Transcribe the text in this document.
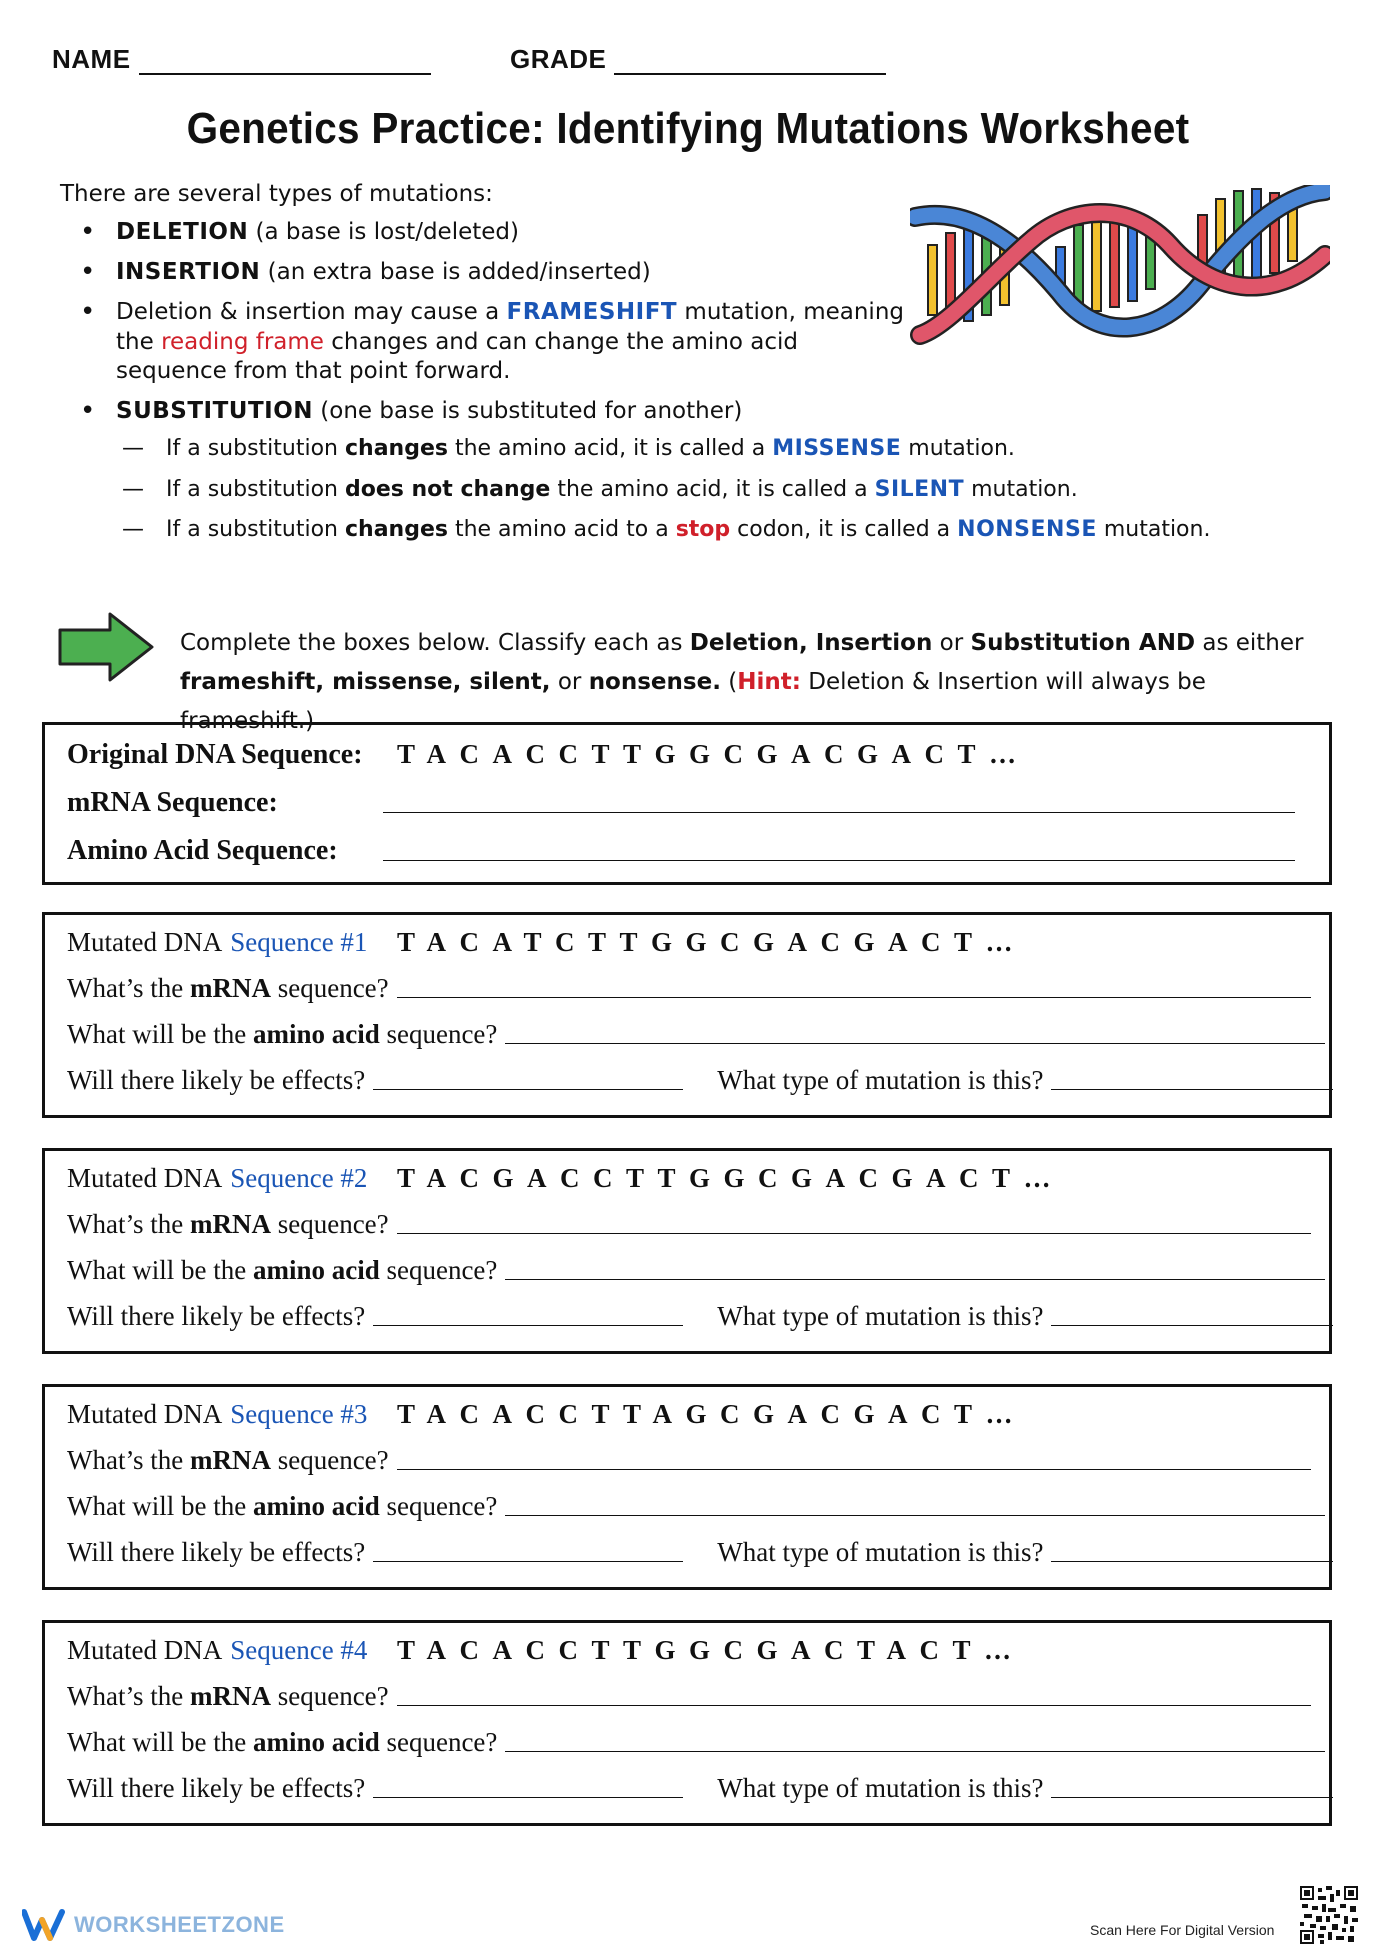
NAME	GRADE
Genetics Practice: Identifying Mutations Worksheet

There are several types of mutations:

• DELETION (a base is lost/deleted)
• INSERTION (an extra base is added/inserted)
• Deletion & insertion may cause a FRAMESHIFT mutation, meaning the reading frame changes and can change the amino acid sequence from that point forward.
• SUBSTITUTION (one base is substituted for another)
— If a substitution changes the amino acid, it is called a MISSENSE mutation.
— If a substitution does not change the amino acid, it is called a SILENT mutation.
— If a substitution changes the amino acid to a stop codon, it is called a NONSENSE mutation.
Complete the boxes below. Classify each as Deletion, Insertion or Substitution AND as either
frameshift, missense, silent, or nonsense. (Hint: Deletion & Insertion will always be frameshift.)
Original DNA Sequence: TACACCTTGGCGACGACT…
mRNA Sequence:
Amino Acid Sequence:
Mutated DNA Sequence #1 TACATCTTGGCGACGACT…
What’s the mRNA sequence?
What will be the amino acid sequence?
Will there likely be effects?	What type of mutation is this?
Mutated DNA Sequence #2 TACGACCTTGGCGACGACT…
What’s the mRNA sequence?
What will be the amino acid sequence?
Will there likely be effects?	What type of mutation is this?
Mutated DNA Sequence #3 TACACCTTAGCGACGACT…
What’s the mRNA sequence?
What will be the amino acid sequence?
Will there likely be effects?	What type of mutation is this?
Mutated DNA Sequence #4 TACACCTTGGCGACTACT…
What’s the mRNA sequence?
What will be the amino acid sequence?
Will there likely be effects?	What type of mutation is this?
WORKSHEETZONE	Scan Here For Digital Version
